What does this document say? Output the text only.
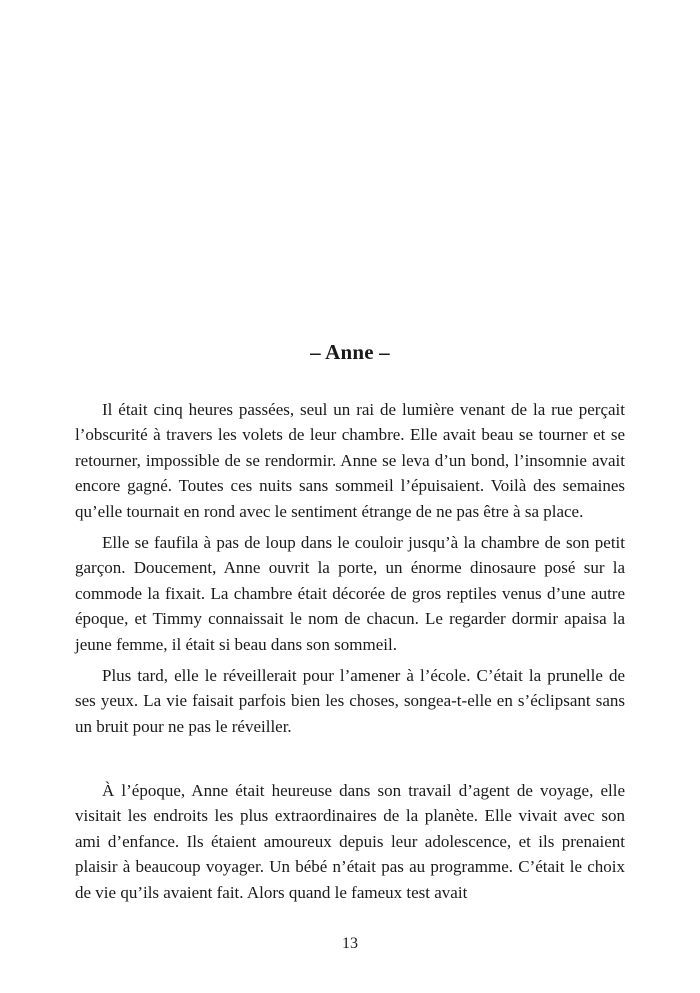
– Anne –

Il était cinq heures passées, seul un rai de lumière venant de la rue perçait l’obscurité à travers les volets de leur chambre. Elle avait beau se tourner et se retourner, impossible de se rendormir. Anne se leva d’un bond, l’insomnie avait encore gagné. Toutes ces nuits sans sommeil l’épuisaient. Voilà des semaines qu’elle tournait en rond avec le sentiment étrange de ne pas être à sa place.

Elle se faufila à pas de loup dans le couloir jusqu’à la chambre de son petit garçon. Doucement, Anne ouvrit la porte, un énorme dinosaure posé sur la commode la fixait. La chambre était décorée de gros reptiles venus d’une autre époque, et Timmy connaissait le nom de chacun. Le regarder dormir apaisa la jeune femme, il était si beau dans son sommeil.

Plus tard, elle le réveillerait pour l’amener à l’école. C’était la prunelle de ses yeux. La vie faisait parfois bien les choses, songea-t-elle en s’éclipsant sans un bruit pour ne pas le réveiller.

À l’époque, Anne était heureuse dans son travail d’agent de voyage, elle visitait les endroits les plus extraordinaires de la planète. Elle vivait avec son ami d’enfance. Ils étaient amoureux depuis leur adolescence, et ils prenaient plaisir à beaucoup voyager. Un bébé n’était pas au programme. C’était le choix de vie qu’ils avaient fait. Alors quand le fameux test avait

13
